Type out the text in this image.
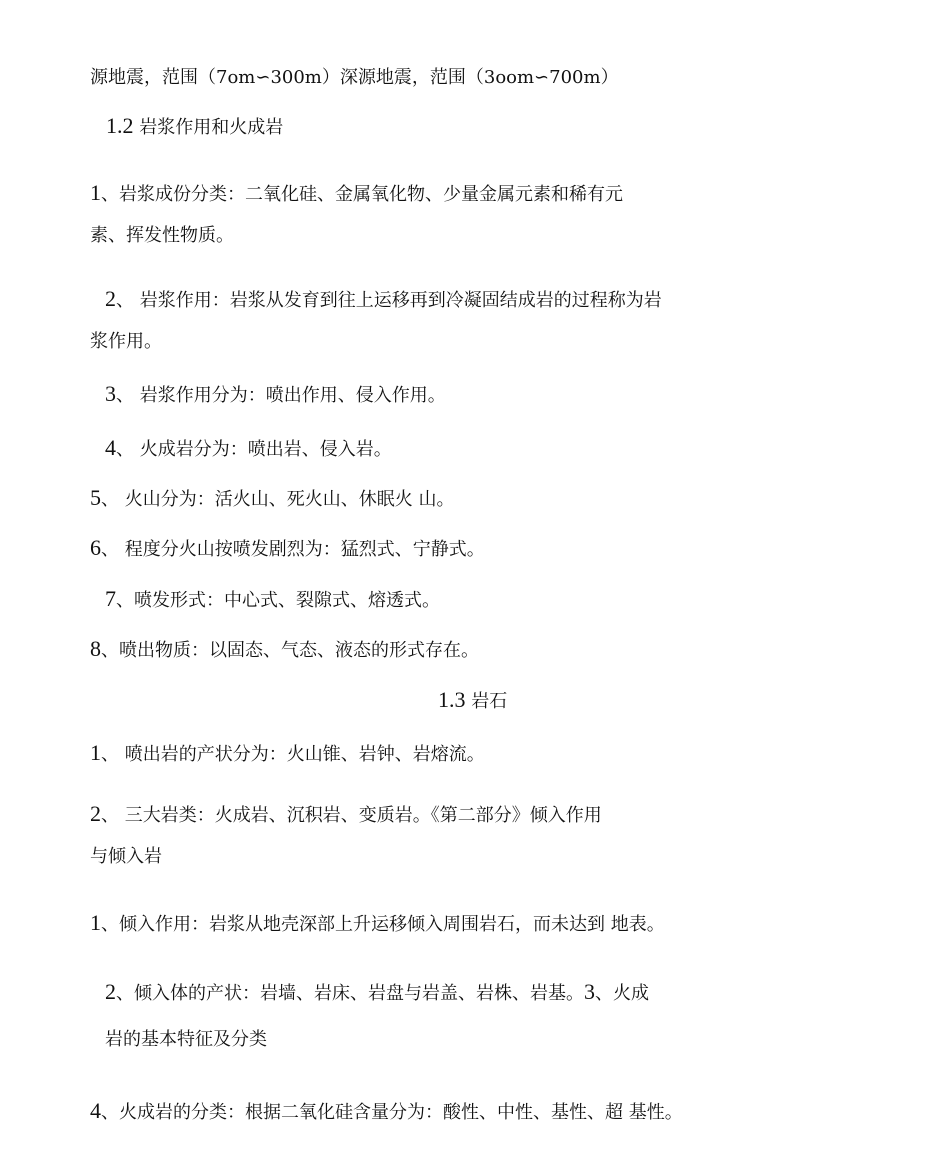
源地震，范围（7om∽300m）深源地震，范围（3oom∽700m）
1.2 岩浆作用和火成岩
1、岩浆成份分类：二氧化硅、金属氧化物、少量金属元素和稀有元
素、挥发性物质。
2、 岩浆作用：岩浆从发育到往上运移再到冷凝固结成岩的过程称为岩
浆作用。
3、 岩浆作用分为：喷出作用、侵入作用。
4、 火成岩分为：喷出岩、侵入岩。
5、 火山分为：活火山、死火山、休眠火 山。
6、 程度分火山按喷发剧烈为：猛烈式、宁静式。
7、喷发形式：中心式、裂隙式、熔透式。
8、喷出物质：以固态、气态、液态的形式存在。
1.3 岩石
1、 喷出岩的产状分为：火山锥、岩钟、岩熔流。
2、 三大岩类：火成岩、沉积岩、变质岩。《第二部分》倾入作用
与倾入岩
1、倾入作用：岩浆从地壳深部上升运移倾入周围岩石，而未达到 地表。
2、倾入体的产状：岩墙、岩床、岩盘与岩盖、岩株、岩基。3、火成
岩的基本特征及分类
4、火成岩的分类：根据二氧化硅含量分为：酸性、中性、基性、超 基性。
